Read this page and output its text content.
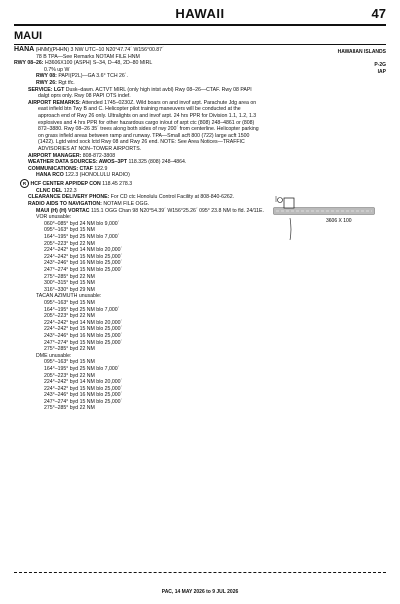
HAWAII	47
MAUI
HAWAIIAN ISLANDS
P-2G
IAP
HANA (HNM)(PHHN) 3 NW UTC–10 N20°47.74´ W156°00.87´
78 B TPA—See Remarks NOTAM FILE HNM
RWY 08–26: H3606X100 (ASPH) S–34, D–48, 2D–80 MIRL
0.7% up W
RWY 08: PAPI(P2L)—GA 3.6° TCH 26´.
RWY 26: Rgt tfc.
SERVICE: LGT Dusk–dawn. ACTVT MIRL (only high intst avbl) Rwy 08–26—CTAF. Rwy 08 PAPI dalgt oprs only. Rwy 08 PAPI OTS indef.
AIRPORT REMARKS: Attended 1745–0230Z. Wild boars on and invof arpt. Parachute Jdg area on east infield btn Twy B and C. Helicopter pilot training maneuvers will be conducted at the approach end of Rwy 26 only. Ultralights on and invof arpt. 24 hrs PPR for Division 1.1, 1.2, 1.3 explosives and 4 hrs PPR for other hazardous cargo in/out of arpt ctc (808) 248–4861 or (808) 872–3880. Rwy 08–26 35´ trees along both sides of rwy 200´ from centerline. Helicopter parking on grass infield areas between ramp and runway. TPA—Small acft 800 (722) large acft 1500 (1422). Lgtd wind sock lctd Rwy 08 and Rwy 26 end. NOTE: See Area Notices—TRAFFIC ADVISORIES AT NON–TOWER AIRPORTS.
AIRPORT MANAGER: 808-872-3808
WEATHER DATA SOURCES: AWOS–3PT 118.325 (808) 248–4864.
COMMUNICATIONS: CTAF 122.9
HANA RCO 122.3 (HONOLULU RADIO)
R HCF CENTER APP/DEP CON 118.45 278.3
CLNC DEL 122.3
CLEARANCE DELIVERY PHONE: For CD ctc Honolulu Control Facility at 808-840-6262.
RADIO AIDS TO NAVIGATION: NOTAM FILE OGG.
MAUI (H) (H) VORTAC 115.1 OGG Chan 98 N20°54.39´ W156°25.26´ 095° 23.8 NM to fld. 24/11E.
VOR unusable:
060°–085° byd 24 NM blo 9,000´
095°–163° byd 15 NM
164°–195° byd 25 NM blo 7,000´
205°–223° byd 22 NM
224°–242° byd 14 NM blo 20,000´
224°–242° byd 15 NM blo 25,000´
243°–246° byd 16 NM blo 25,000´
247°–274° byd 15 NM blo 25,000´
275°–285° byd 22 NM
300°–315° byd 15 NM
316°–330° byd 29 NM
TACAN AZIMUTH unusable:
095°–163° byd 15 NM
164°–195° byd 25 NM blo 7,000´
205°–223° byd 22 NM
224°–242° byd 14 NM blo 20,000´
224°–242° byd 15 NM blo 25,000´
243°–246° byd 16 NM blo 25,000´
247°–274° byd 15 NM blo 25,000´
275°–285° byd 22 NM
DME unusable:
095°–163° byd 15 NM
164°–195° byd 25 NM blo 7,000´
205°–223° byd 22 NM
224°–242° byd 14 NM blo 20,000´
224°–242° byd 15 NM blo 25,000´
243°–246° byd 16 NM blo 25,000´
247°–274° byd 15 NM blo 25,000´
275°–285° byd 22 NM
3606 X 100
PAC, 14 MAY 2026 to 9 JUL 2026
